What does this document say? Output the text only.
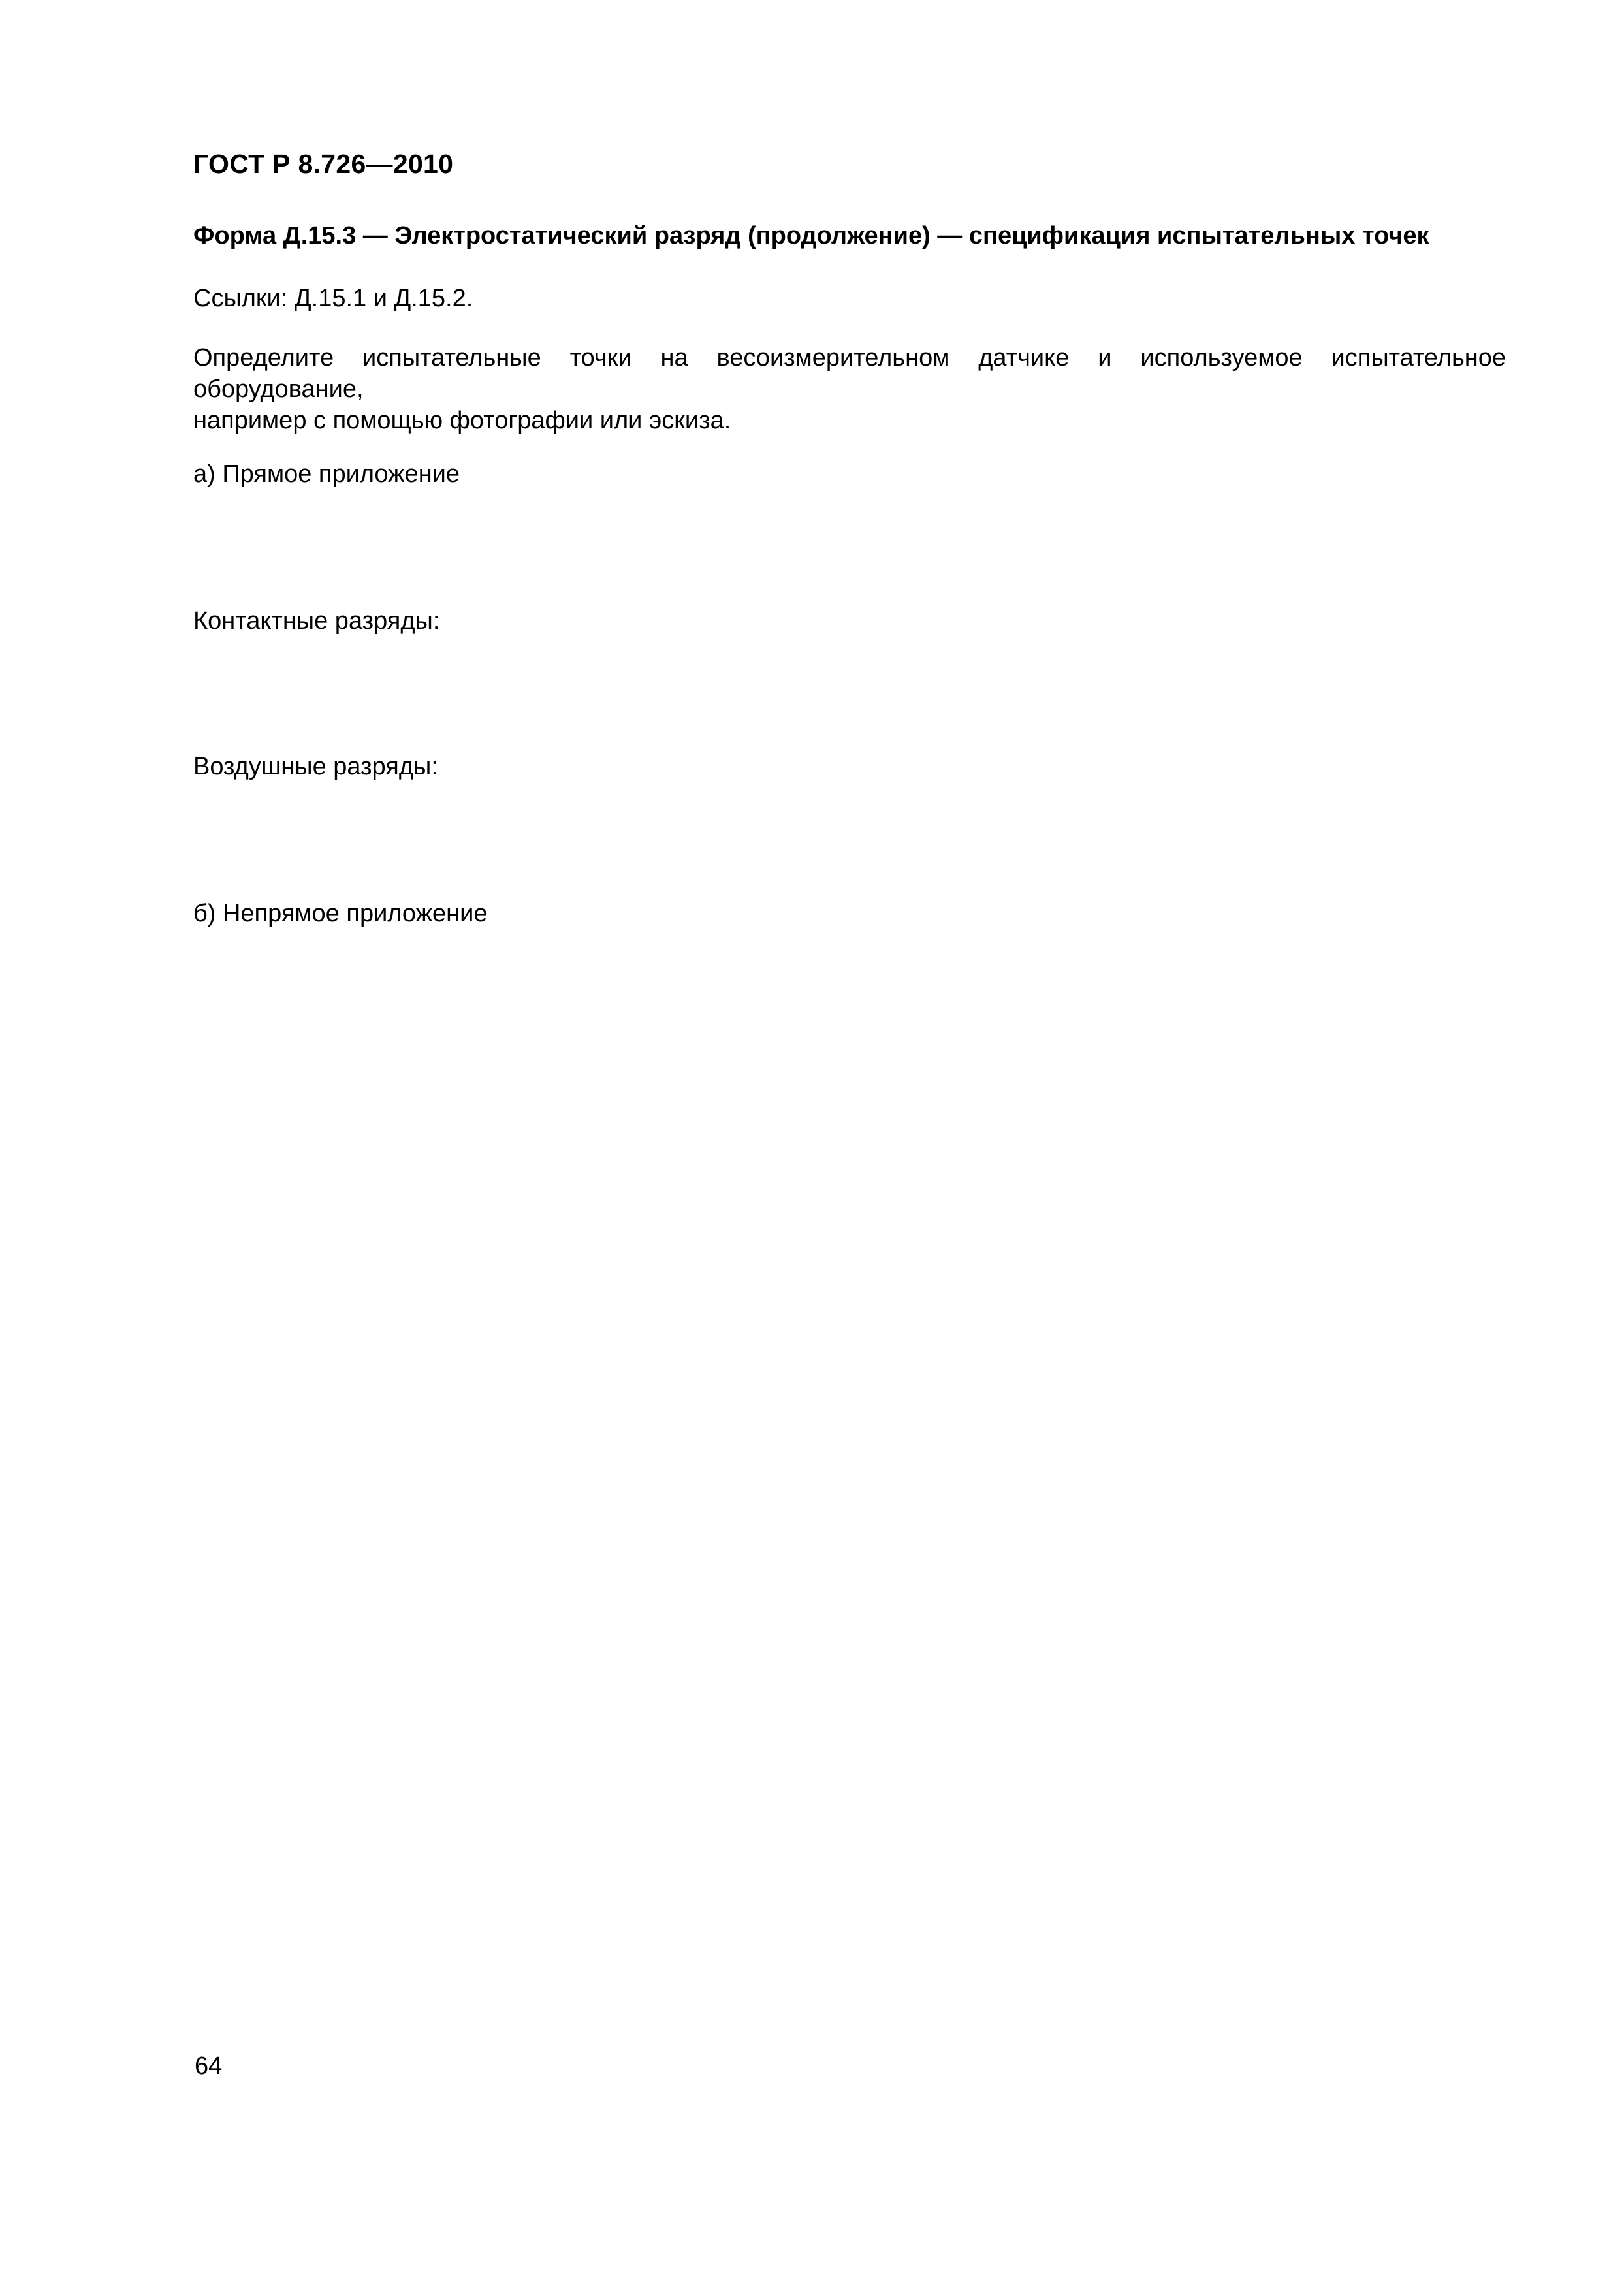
ГОСТ Р 8.726—2010
Форма Д.15.3 — Электростатический разряд (продолжение) — спецификация испытательных точек
Ссылки: Д.15.1 и Д.15.2.
Определите испытательные точки на весоизмерительном датчике и используемое испытательное оборудование,
например с помощью фотографии или эскиза.
а) Прямое приложение
Контактные разряды:
Воздушные разряды:
б) Непрямое приложение
64
